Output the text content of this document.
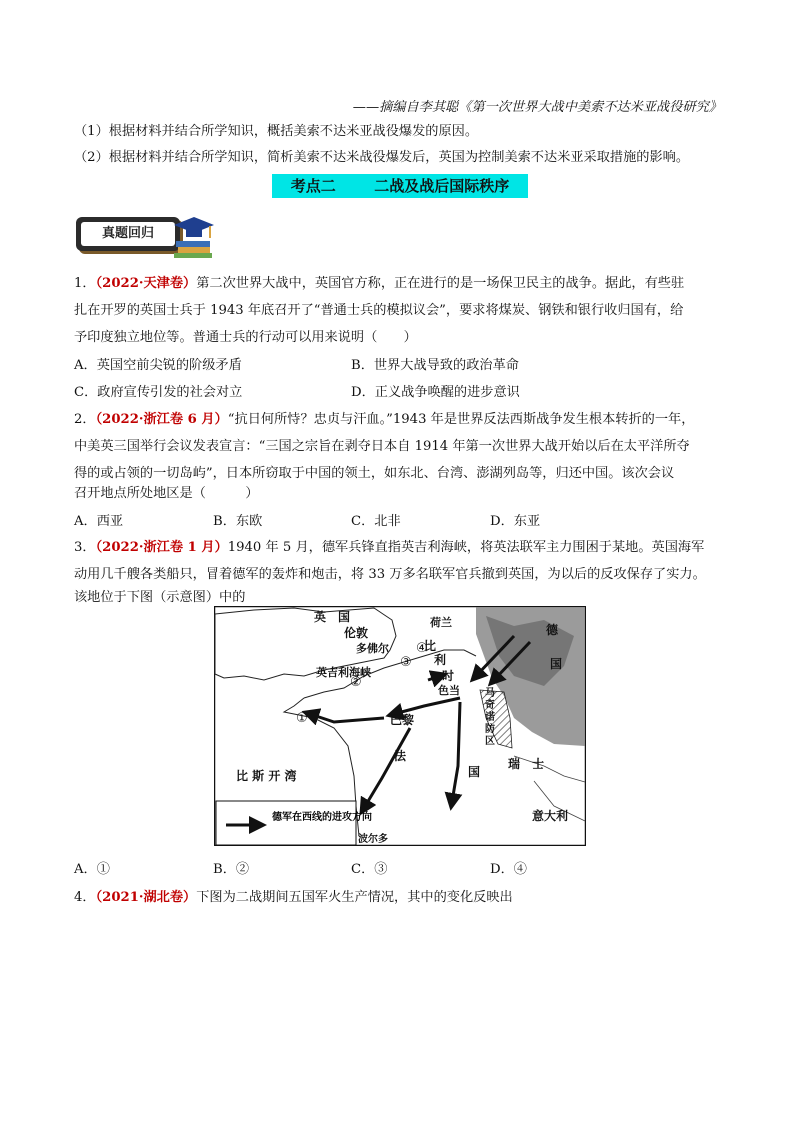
——摘编自李其聪《第一次世界大战中美索不达米亚战役研究》
（1）根据材料并结合所学知识，概括美索不达米亚战役爆发的原因。
（2）根据材料并结合所学知识，简析美索不达米战役爆发后，英国为控制美索不达米亚采取措施的影响。
考点二	二战及战后国际秩序
真题回归
1．（2022·天津卷）第二次世界大战中，英国官方称，正在进行的是一场保卫民主的战争。据此，有些驻
扎在开罗的英国士兵于 1943 年底召开了“普通士兵的模拟议会”，要求将煤炭、钢铁和银行收归国有，给
予印度独立地位等。普通士兵的行动可以用来说明（　　）
A．英国空前尖锐的阶级矛盾	B．世界大战导致的政治革命
C．政府宣传引发的社会对立	D．正义战争唤醒的进步意识
2．（2022·浙江卷 6 月）“抗日何所恃？忠贞与汗血。”1943 年是世界反法西斯战争发生根本转折的一年，
中美英三国举行会议发表宣言：“三国之宗旨在剥夺日本自 1914 年第一次世界大战开始以后在太平洋所夺
得的或占领的一切岛屿”，日本所窃取于中国的领土，如东北、台湾、澎湖列岛等，归还中国。该次会议
召开地点所处地区是（　　　）
A．西亚	B．东欧	C．北非	D．东亚
3．（2022·浙江卷 1 月）1940 年 5 月，德军兵锋直指英吉利海峡，将英法联军主力围困于某地。英国海军
动用几千艘各类船只，冒着德军的轰炸和炮击，将 33 万多名联军官兵撤到英国，为以后的反攻保存了实力。
该地位于下图（示意图）中的
德军在西线的进攻方向
英　国
伦敦
多佛尔
英吉利海峡
荷兰
比
利
时
色当
德
国
巴黎
法
国
比 斯 开 湾
瑞　士
意大利
波尔多
马
奇
诺
防
区
①
②
③
④
A．①	B．②	C．③	D．④
4．（2021·湖北卷）下图为二战期间五国军火生产情况，其中的变化反映出
